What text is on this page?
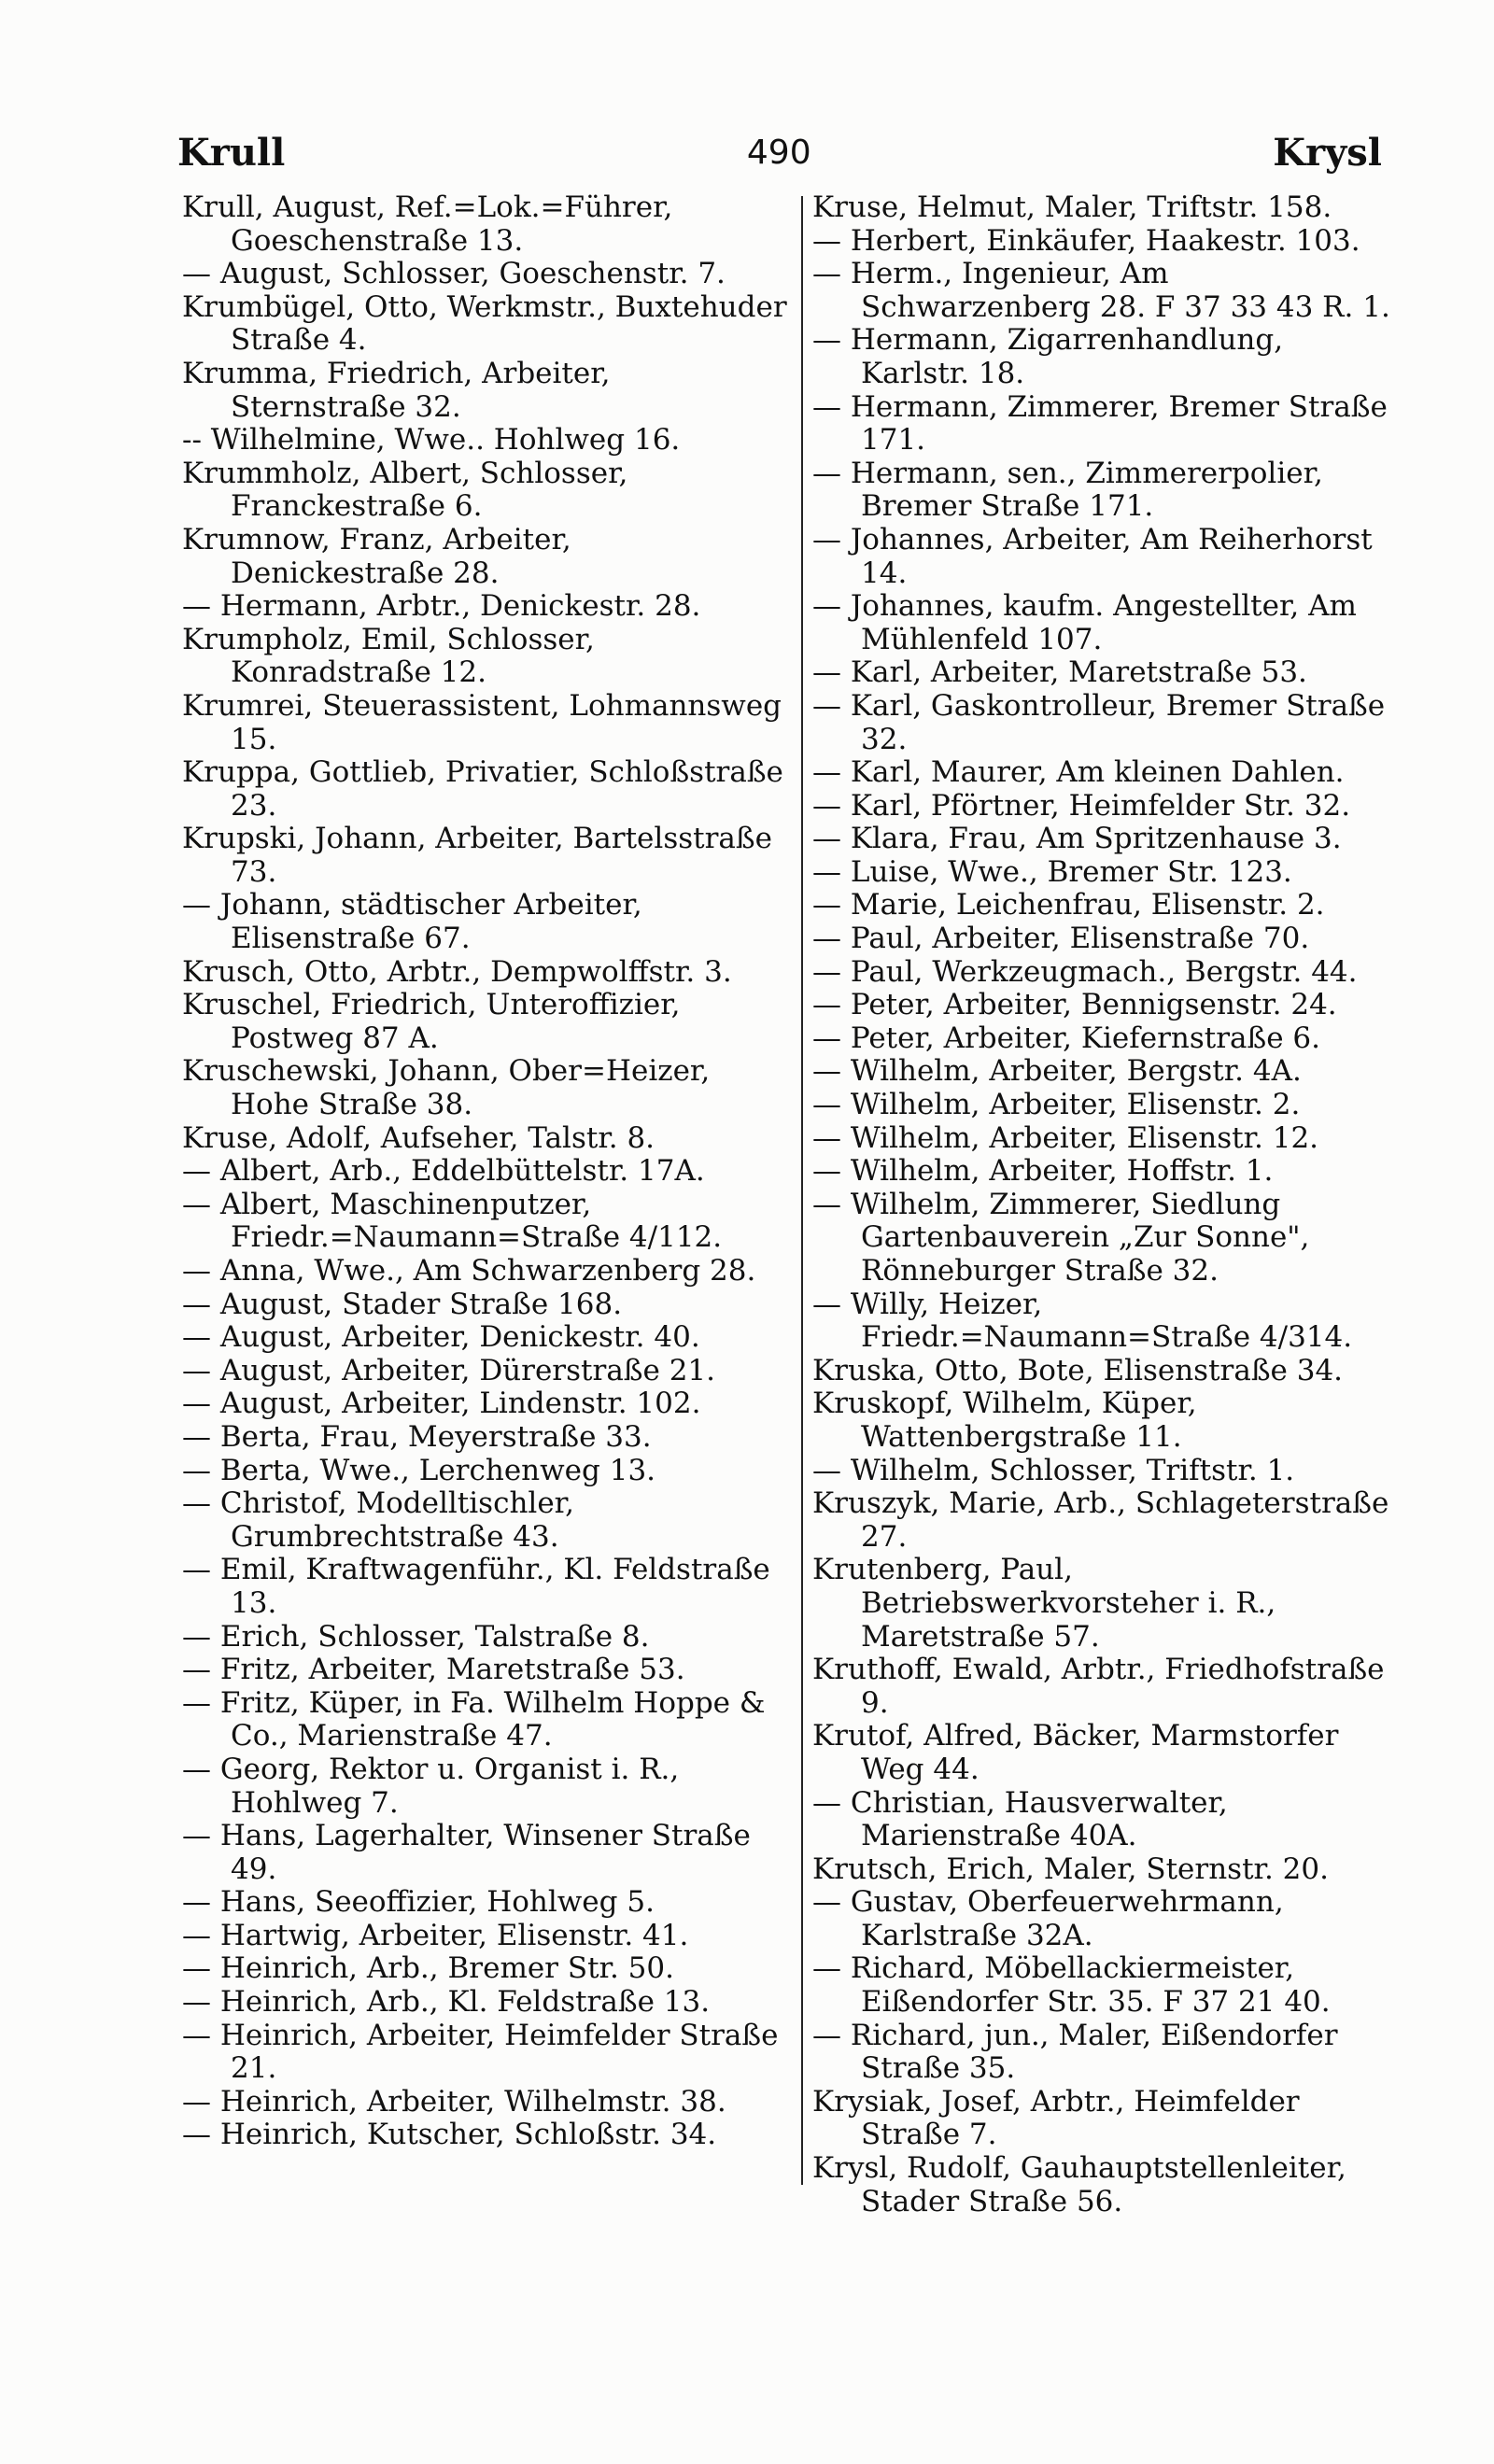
Krull	490	Krysl
Krull, August, Ref.=Lok.=Führer, Goeschenstraße 13.
— August, Schlosser, Goeschenstr. 7.
Krumbügel, Otto, Werkmstr., Buxtehuder Straße 4.
Krumma, Friedrich, Arbeiter, Sternstraße 32.
-- Wilhelmine, Wwe.. Hohlweg 16.
Krummholz, Albert, Schlosser, Franckestraße 6.
Krumnow, Franz, Arbeiter, Denickestraße 28.
— Hermann, Arbtr., Denickestr. 28.
Krumpholz, Emil, Schlosser, Konradstraße 12.
Krumrei, Steuerassistent, Lohmannsweg 15.
Kruppa, Gottlieb, Privatier, Schloßstraße 23.
Krupski, Johann, Arbeiter, Bartelsstraße 73.
— Johann, städtischer Arbeiter, Elisenstraße 67.
Krusch, Otto, Arbtr., Dempwolffstr. 3.
Kruschel, Friedrich, Unteroffizier, Postweg 87 A.
Kruschewski, Johann, Ober=Heizer, Hohe Straße 38.
Kruse, Adolf, Aufseher, Talstr. 8.
— Albert, Arb., Eddelbüttelstr. 17A.
— Albert, Maschinenputzer, Friedr.=Naumann=Straße 4/112.
— Anna, Wwe., Am Schwarzenberg 28.
— August, Stader Straße 168.
— August, Arbeiter, Denickestr. 40.
— August, Arbeiter, Dürerstraße 21.
— August, Arbeiter, Lindenstr. 102.
— Berta, Frau, Meyerstraße 33.
— Berta, Wwe., Lerchenweg 13.
— Christof, Modelltischler, Grumbrechtstraße 43.
— Emil, Kraftwagenführ., Kl. Feldstraße 13.
— Erich, Schlosser, Talstraße 8.
— Fritz, Arbeiter, Maretstraße 53.
— Fritz, Küper, in Fa. Wilhelm Hoppe & Co., Marienstraße 47.
— Georg, Rektor u. Organist i. R., Hohlweg 7.
— Hans, Lagerhalter, Winsener Straße 49.
— Hans, Seeoffizier, Hohlweg 5.
— Hartwig, Arbeiter, Elisenstr. 41.
— Heinrich, Arb., Bremer Str. 50.
— Heinrich, Arb., Kl. Feldstraße 13.
— Heinrich, Arbeiter, Heimfelder Straße 21.
— Heinrich, Arbeiter, Wilhelmstr. 38.
— Heinrich, Kutscher, Schloßstr. 34.
Kruse, Helmut, Maler, Triftstr. 158.
— Herbert, Einkäufer, Haakestr. 103.
— Herm., Ingenieur, Am Schwarzenberg 28. F 37 33 43 R. 1.
— Hermann, Zigarrenhandlung, Karlstr. 18.
— Hermann, Zimmerer, Bremer Straße 171.
— Hermann, sen., Zimmererpolier, Bremer Straße 171.
— Johannes, Arbeiter, Am Reiherhorst 14.
— Johannes, kaufm. Angestellter, Am Mühlenfeld 107.
— Karl, Arbeiter, Maretstraße 53.
— Karl, Gaskontrolleur, Bremer Straße 32.
— Karl, Maurer, Am kleinen Dahlen.
— Karl, Pförtner, Heimfelder Str. 32.
— Klara, Frau, Am Spritzenhause 3.
— Luise, Wwe., Bremer Str. 123.
— Marie, Leichenfrau, Elisenstr. 2.
— Paul, Arbeiter, Elisenstraße 70.
— Paul, Werkzeugmach., Bergstr. 44.
— Peter, Arbeiter, Bennigsenstr. 24.
— Peter, Arbeiter, Kiefernstraße 6.
— Wilhelm, Arbeiter, Bergstr. 4A.
— Wilhelm, Arbeiter, Elisenstr. 2.
— Wilhelm, Arbeiter, Elisenstr. 12.
— Wilhelm, Arbeiter, Hoffstr. 1.
— Wilhelm, Zimmerer, Siedlung Gartenbauverein „Zur Sonne", Rönneburger Straße 32.
— Willy, Heizer, Friedr.=Naumann=Straße 4/314.
Kruska, Otto, Bote, Elisenstraße 34.
Kruskopf, Wilhelm, Küper, Wattenbergstraße 11.
— Wilhelm, Schlosser, Triftstr. 1.
Kruszyk, Marie, Arb., Schlageterstraße 27.
Krutenberg, Paul, Betriebswerkvorsteher i. R., Maretstraße 57.
Kruthoff, Ewald, Arbtr., Friedhofstraße 9.
Krutof, Alfred, Bäcker, Marmstorfer Weg 44.
— Christian, Hausverwalter, Marienstraße 40A.
Krutsch, Erich, Maler, Sternstr. 20.
— Gustav, Oberfeuerwehrmann, Karlstraße 32A.
— Richard, Möbellackiermeister, Eißendorfer Str. 35. F 37 21 40.
— Richard, jun., Maler, Eißendorfer Straße 35.
Krysiak, Josef, Arbtr., Heimfelder Straße 7.
Krysl, Rudolf, Gauhauptstellenleiter, Stader Straße 56.
